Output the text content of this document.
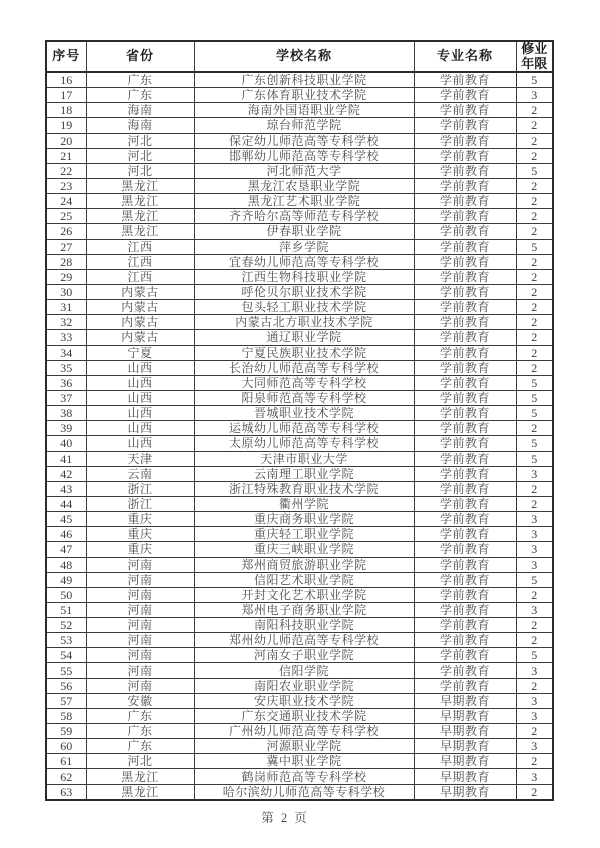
序号	省份	学校名称	专业名称	修业年限
16	广东	广东创新科技职业学院	学前教育	5
17	广东	广东体育职业技术学院	学前教育	3
18	海南	海南外国语职业学院	学前教育	2
19	海南	琼台师范学院	学前教育	2
20	河北	保定幼儿师范高等专科学校	学前教育	2
21	河北	邯郸幼儿师范高等专科学校	学前教育	2
22	河北	河北师范大学	学前教育	5
23	黑龙江	黑龙江农垦职业学院	学前教育	2
24	黑龙江	黑龙江艺术职业学院	学前教育	2
25	黑龙江	齐齐哈尔高等师范专科学校	学前教育	2
26	黑龙江	伊春职业学院	学前教育	2
27	江西	萍乡学院	学前教育	5
28	江西	宜春幼儿师范高等专科学校	学前教育	2
29	江西	江西生物科技职业学院	学前教育	2
30	内蒙古	呼伦贝尔职业技术学院	学前教育	2
31	内蒙古	包头轻工职业技术学院	学前教育	2
32	内蒙古	内蒙古北方职业技术学院	学前教育	2
33	内蒙古	通辽职业学院	学前教育	2
34	宁夏	宁夏民族职业技术学院	学前教育	2
35	山西	长治幼儿师范高等专科学校	学前教育	2
36	山西	大同师范高等专科学校	学前教育	5
37	山西	阳泉师范高等专科学校	学前教育	5
38	山西	晋城职业技术学院	学前教育	5
39	山西	运城幼儿师范高等专科学校	学前教育	2
40	山西	太原幼儿师范高等专科学校	学前教育	5
41	天津	天津市职业大学	学前教育	5
42	云南	云南理工职业学院	学前教育	3
43	浙江	浙江特殊教育职业技术学院	学前教育	2
44	浙江	衢州学院	学前教育	2
45	重庆	重庆商务职业学院	学前教育	3
46	重庆	重庆轻工职业学院	学前教育	3
47	重庆	重庆三峡职业学院	学前教育	3
48	河南	郑州商贸旅游职业学院	学前教育	3
49	河南	信阳艺术职业学院	学前教育	5
50	河南	开封文化艺术职业学院	学前教育	2
51	河南	郑州电子商务职业学院	学前教育	3
52	河南	南阳科技职业学院	学前教育	2
53	河南	郑州幼儿师范高等专科学校	学前教育	2
54	河南	河南女子职业学院	学前教育	5
55	河南	信阳学院	学前教育	3
56	河南	南阳农业职业学院	学前教育	2
57	安徽	安庆职业技术学院	早期教育	3
58	广东	广东交通职业技术学院	早期教育	3
59	广东	广州幼儿师范高等专科学校	早期教育	2
60	广东	河源职业学院	早期教育	3
61	河北	冀中职业学院	早期教育	2
62	黑龙江	鹤岗师范高等专科学校	早期教育	3
63	黑龙江	哈尔滨幼儿师范高等专科学校	早期教育	2
第 2 页
